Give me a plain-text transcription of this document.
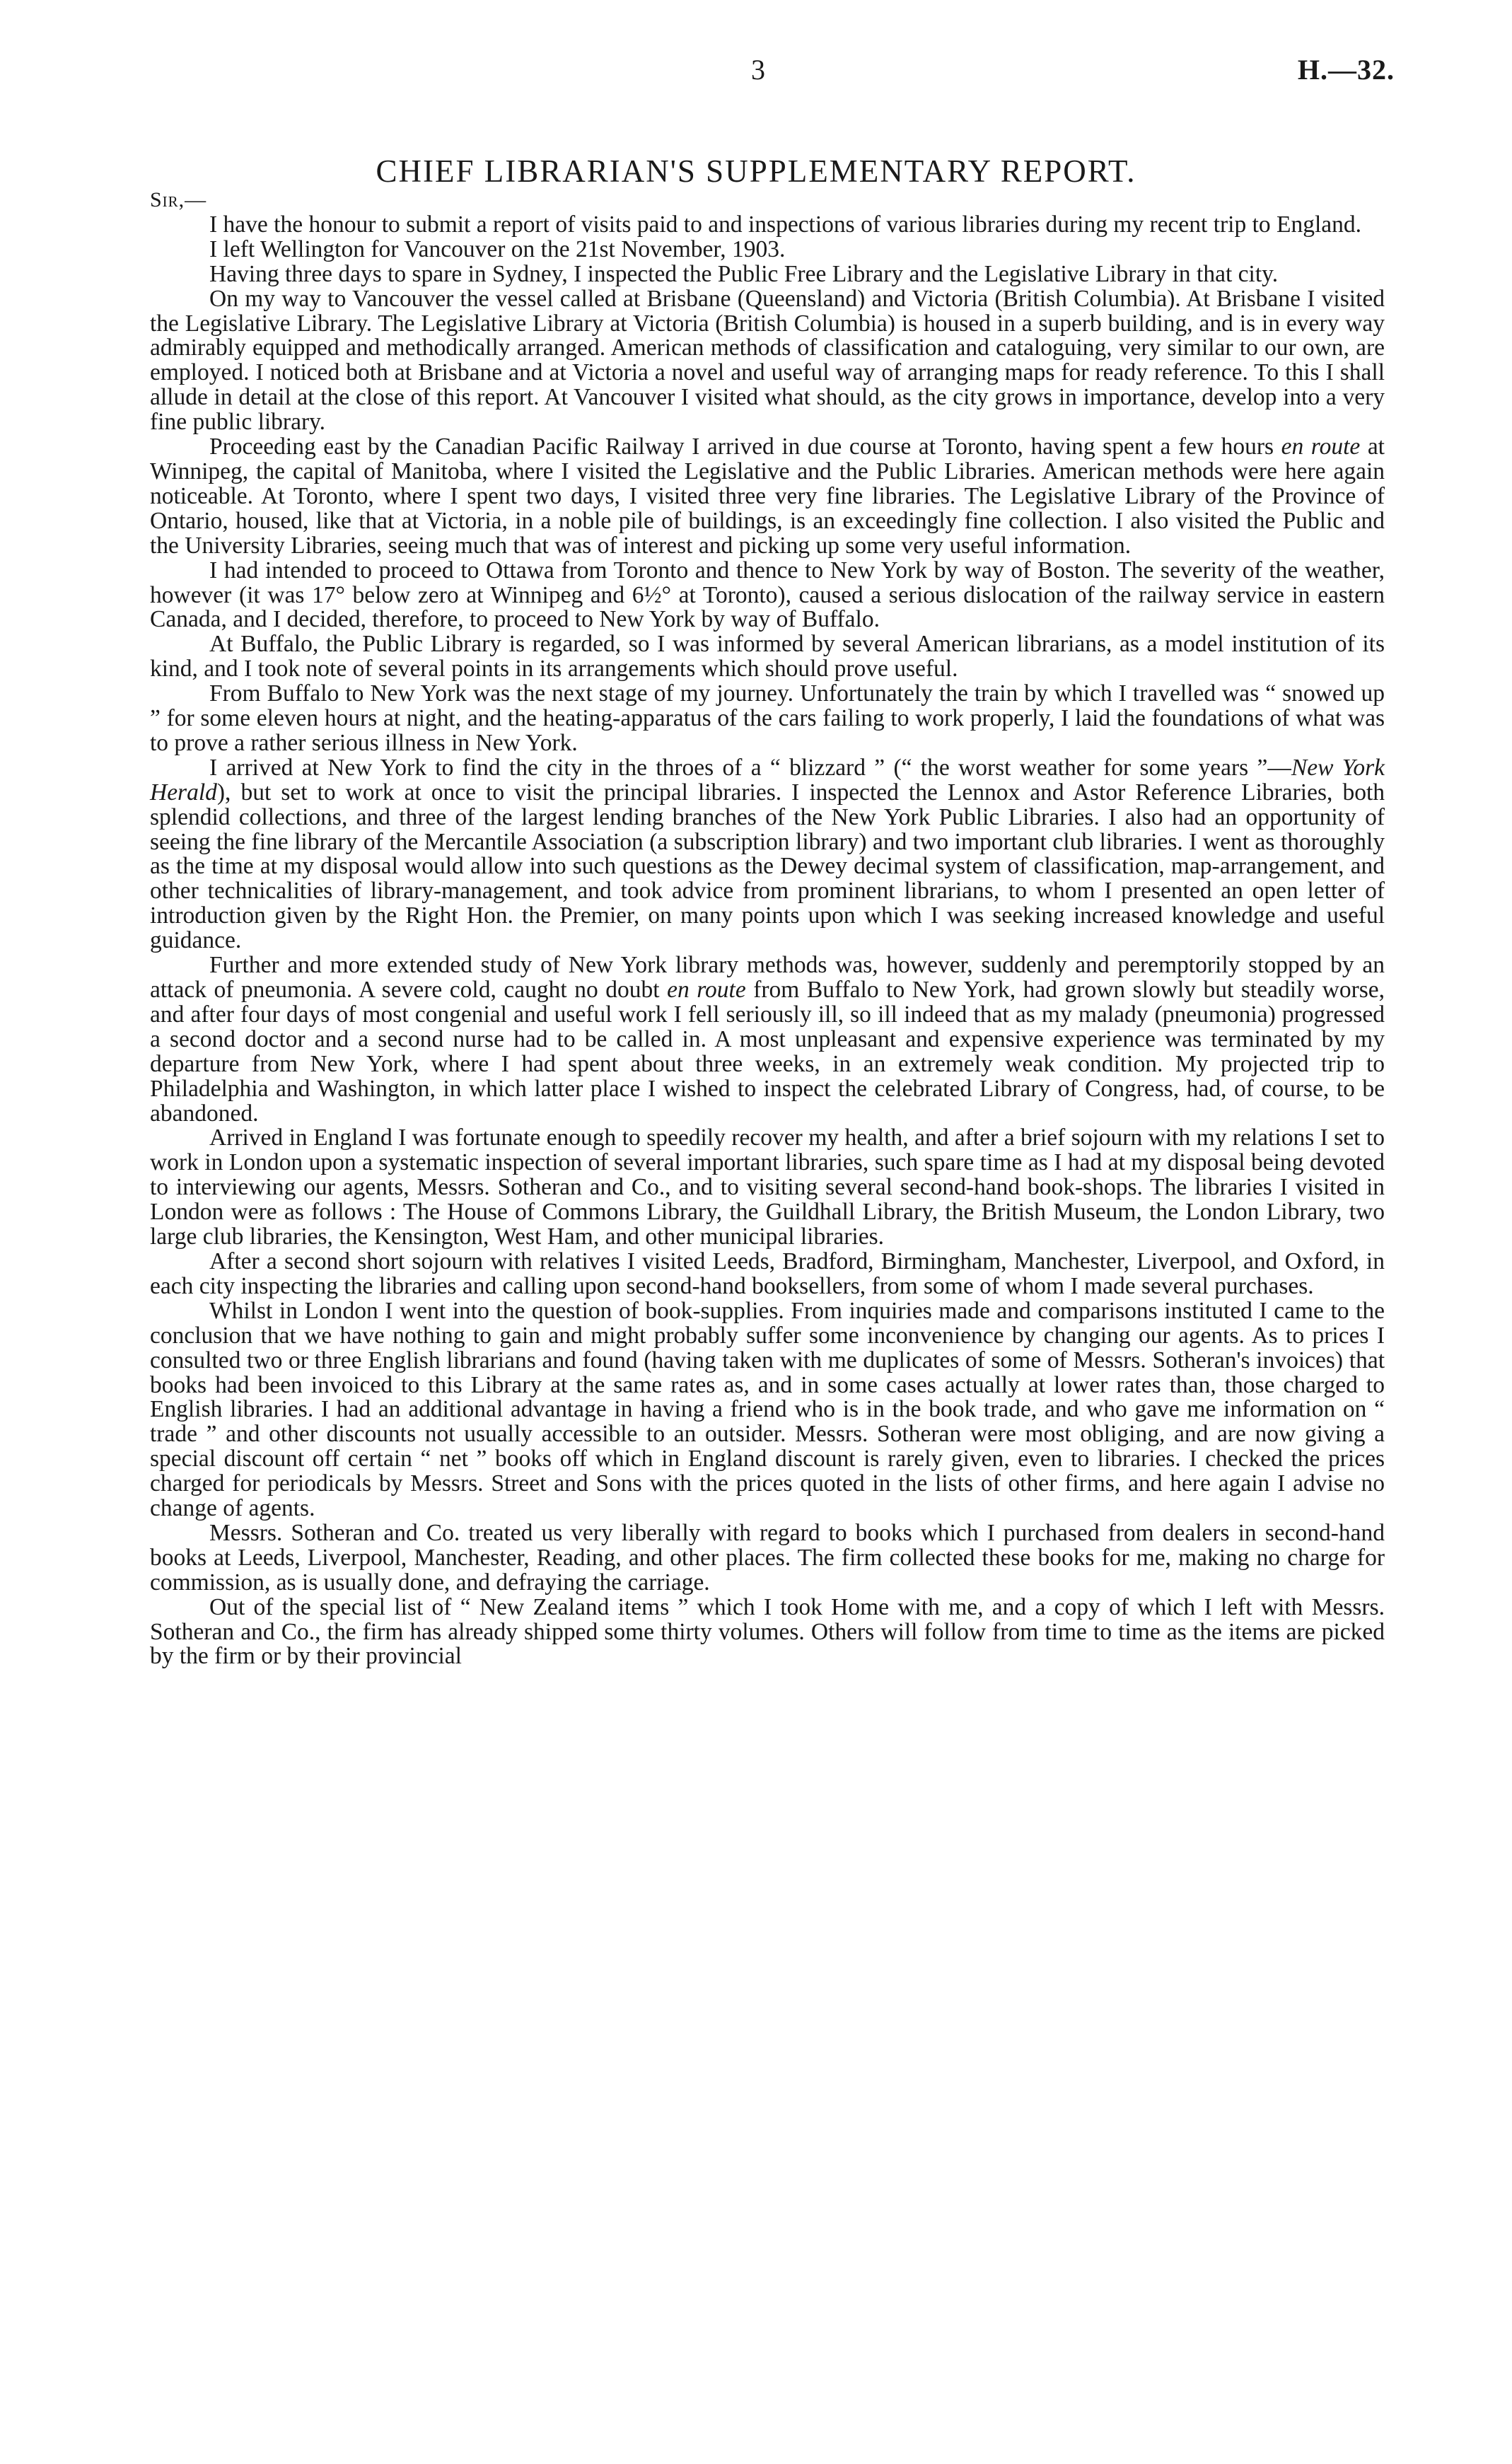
3	H.—32.
CHIEF LIBRARIAN'S SUPPLEMENTARY REPORT.

Sir,—

I have the honour to submit a report of visits paid to and inspections of various libraries during my recent trip to England.

I left Wellington for Vancouver on the 21st November, 1903.

Having three days to spare in Sydney, I inspected the Public Free Library and the Legislative Library in that city.

On my way to Vancouver the vessel called at Brisbane (Queensland) and Victoria (British Columbia). At Brisbane I visited the Legislative Library. The Legislative Library at Victoria (British Columbia) is housed in a superb building, and is in every way admirably equipped and methodically arranged. American methods of classification and cataloguing, very similar to our own, are employed. I noticed both at Brisbane and at Victoria a novel and useful way of arranging maps for ready reference. To this I shall allude in detail at the close of this report. At Vancouver I visited what should, as the city grows in importance, develop into a very fine public library.

Proceeding east by the Canadian Pacific Railway I arrived in due course at Toronto, having spent a few hours en route at Winnipeg, the capital of Manitoba, where I visited the Legislative and the Public Libraries. American methods were here again noticeable. At Toronto, where I spent two days, I visited three very fine libraries. The Legislative Library of the Province of Ontario, housed, like that at Victoria, in a noble pile of buildings, is an exceedingly fine collection. I also visited the Public and the University Libraries, seeing much that was of interest and picking up some very useful information.

I had intended to proceed to Ottawa from Toronto and thence to New York by way of Boston. The severity of the weather, however (it was 17° below zero at Winnipeg and 6½° at Toronto), caused a serious dislocation of the railway service in eastern Canada, and I decided, therefore, to proceed to New York by way of Buffalo.

At Buffalo, the Public Library is regarded, so I was informed by several American librarians, as a model institution of its kind, and I took note of several points in its arrangements which should prove useful.

From Buffalo to New York was the next stage of my journey. Unfortunately the train by which I travelled was “ snowed up ” for some eleven hours at night, and the heating-apparatus of the cars failing to work properly, I laid the foundations of what was to prove a rather serious illness in New York.

I arrived at New York to find the city in the throes of a “ blizzard ” (“ the worst weather for some years ”—New York Herald), but set to work at once to visit the principal libraries. I inspected the Lennox and Astor Reference Libraries, both splendid collections, and three of the largest lending branches of the New York Public Libraries. I also had an opportunity of seeing the fine library of the Mercantile Association (a subscription library) and two important club libraries. I went as thoroughly as the time at my disposal would allow into such questions as the Dewey decimal system of classification, map-arrangement, and other technicalities of library-management, and took advice from prominent librarians, to whom I presented an open letter of introduction given by the Right Hon. the Premier, on many points upon which I was seeking increased knowledge and useful guidance.

Further and more extended study of New York library methods was, however, suddenly and peremptorily stopped by an attack of pneumonia. A severe cold, caught no doubt en route from Buffalo to New York, had grown slowly but steadily worse, and after four days of most congenial and useful work I fell seriously ill, so ill indeed that as my malady (pneumonia) progressed a second doctor and a second nurse had to be called in. A most unpleasant and expensive experience was terminated by my departure from New York, where I had spent about three weeks, in an extremely weak condition. My projected trip to Philadelphia and Washington, in which latter place I wished to inspect the celebrated Library of Congress, had, of course, to be abandoned.

Arrived in England I was fortunate enough to speedily recover my health, and after a brief sojourn with my relations I set to work in London upon a systematic inspection of several important libraries, such spare time as I had at my disposal being devoted to interviewing our agents, Messrs. Sotheran and Co., and to visiting several second-hand book-shops. The libraries I visited in London were as follows : The House of Commons Library, the Guildhall Library, the British Museum, the London Library, two large club libraries, the Kensington, West Ham, and other municipal libraries.

After a second short sojourn with relatives I visited Leeds, Bradford, Birmingham, Manchester, Liverpool, and Oxford, in each city inspecting the libraries and calling upon second-hand booksellers, from some of whom I made several purchases.

Whilst in London I went into the question of book-supplies. From inquiries made and comparisons instituted I came to the conclusion that we have nothing to gain and might probably suffer some inconvenience by changing our agents. As to prices I consulted two or three English librarians and found (having taken with me duplicates of some of Messrs. Sotheran's invoices) that books had been invoiced to this Library at the same rates as, and in some cases actually at lower rates than, those charged to English libraries. I had an additional advantage in having a friend who is in the book trade, and who gave me information on “ trade ” and other discounts not usually accessible to an outsider. Messrs. Sotheran were most obliging, and are now giving a special discount off certain “ net ” books off which in England discount is rarely given, even to libraries. I checked the prices charged for periodicals by Messrs. Street and Sons with the prices quoted in the lists of other firms, and here again I advise no change of agents.

Messrs. Sotheran and Co. treated us very liberally with regard to books which I purchased from dealers in second-hand books at Leeds, Liverpool, Manchester, Reading, and other places. The firm collected these books for me, making no charge for commission, as is usually done, and defraying the carriage.

Out of the special list of “ New Zealand items ” which I took Home with me, and a copy of which I left with Messrs. Sotheran and Co., the firm has already shipped some thirty volumes. Others will follow from time to time as the items are picked by the firm or by their provincial
